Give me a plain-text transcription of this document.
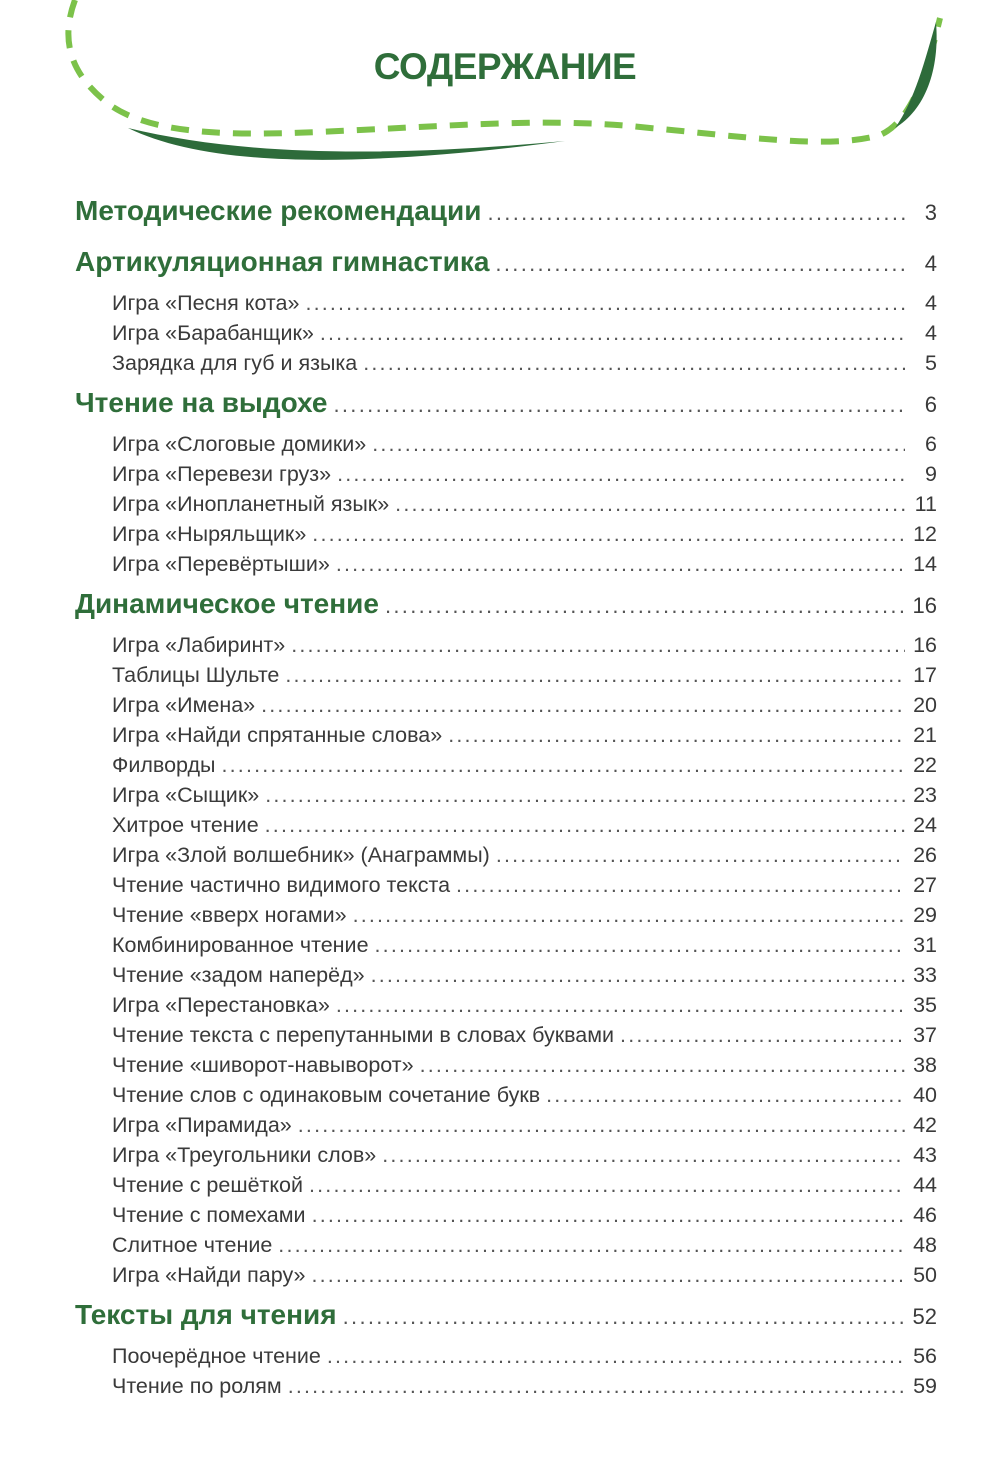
СОДЕРЖАНИЕ
Методические рекомендации . . .	3
Артикуляционная гимнастика . . .	4
Игра «Песня кота» . . .	4
Игра «Барабанщик» . . .	4
Зарядка для губ и языка . . .	5
Чтение на выдохе . . .	6
Игра «Слоговые домики» . . .	6
Игра «Перевези груз» . . .	9
Игра «Инопланетный язык» . . .	11
Игра «Ныряльщик» . . .	12
Игра «Перевёртыши» . . .	14
Динамическое чтение . . .	16
Игра «Лабиринт» . . .	16
Таблицы Шульте . . .	17
Игра «Имена» . . .	20
Игра «Найди спрятанные слова» . . .	21
Филворды . . .	22
Игра «Сыщик» . . .	23
Хитрое чтение . . .	24
Игра «Злой волшебник» (Анаграммы) . . .	26
Чтение частично видимого текста . . .	27
Чтение «вверх ногами» . . .	29
Комбинированное чтение . . .	31
Чтение «задом наперёд» . . .	33
Игра «Перестановка» . . .	35
Чтение текста с перепутанными в словах буквами . . .	37
Чтение «шиворот-навыворот» . . .	38
Чтение слов с одинаковым сочетание букв . . .	40
Игра «Пирамида» . . .	42
Игра «Треугольники слов» . . .	43
Чтение с решёткой . . .	44
Чтение с помехами . . .	46
Слитное чтение . . .	48
Игра «Найди пару» . . .	50
Тексты для чтения . . .	52
Поочерёдное чтение . . .	56
Чтение по ролям . . .	59
